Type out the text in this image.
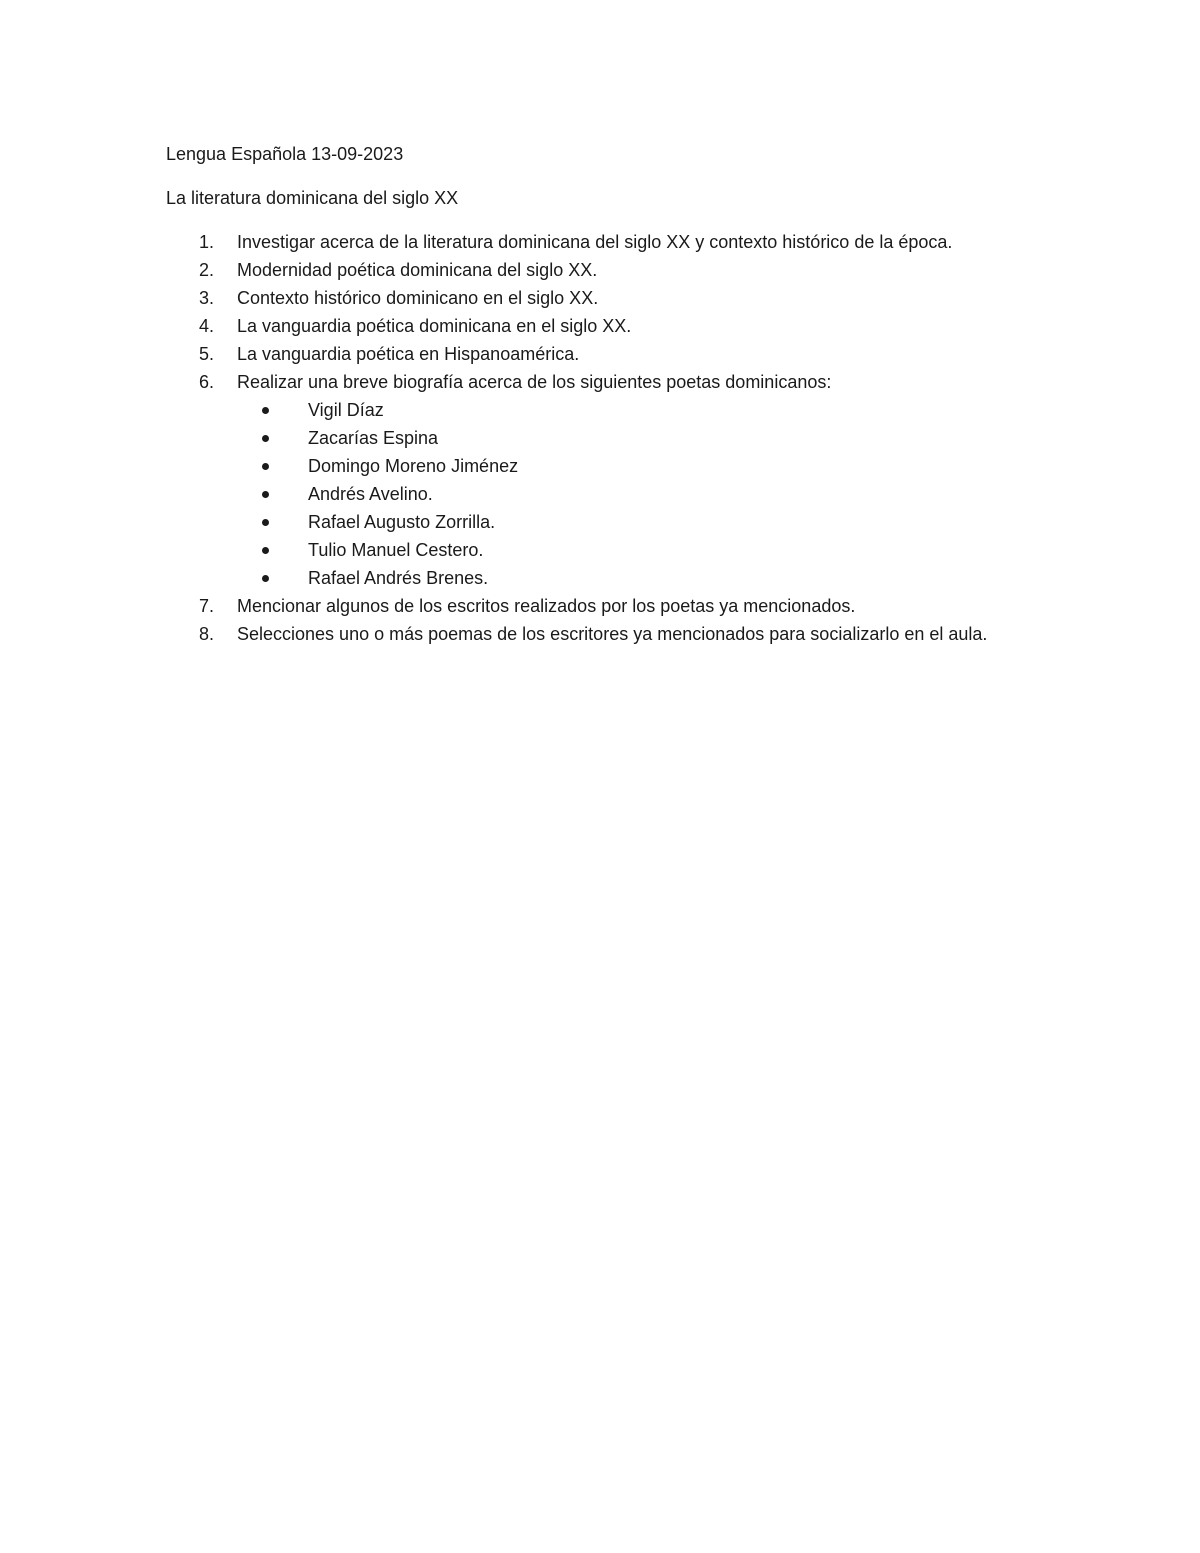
Lengua Española 13-09-2023

La literatura dominicana del siglo XX

1.	Investigar acerca de la literatura dominicana del siglo XX y contexto histórico de la época.
2.	Modernidad poética dominicana del siglo XX.
3.	Contexto histórico dominicano en el siglo XX.
4.	La vanguardia poética dominicana en el siglo XX.
5.	La vanguardia poética en Hispanoamérica.
6.	Realizar una breve biografía acerca de los siguientes poetas dominicanos:
Vigil Díaz
Zacarías Espina
Domingo Moreno Jiménez
Andrés Avelino.
Rafael Augusto Zorrilla.
Tulio Manuel Cestero.
Rafael Andrés Brenes.
7.	Mencionar algunos de los escritos realizados por los poetas ya mencionados.
8.	Selecciones uno o más poemas de los escritores ya mencionados para socializarlo en el aula.
